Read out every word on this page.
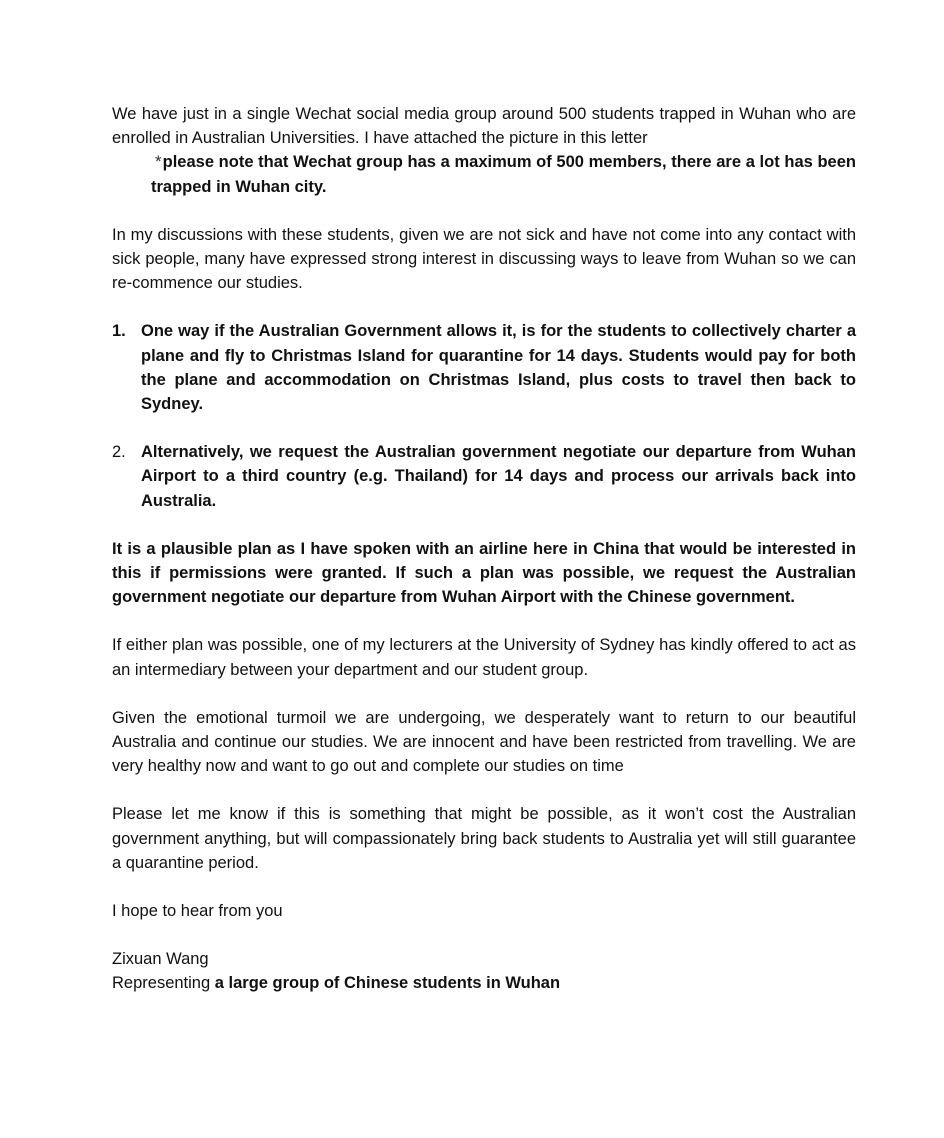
We have just in a single Wechat social media group around 500 students trapped in Wuhan who are enrolled in Australian Universities. I have attached the picture in this letter

*please note that Wechat group has a maximum of 500 members, there are a lot has been trapped in Wuhan city.

In my discussions with these students, given we are not sick and have not come into any contact with sick people, many have expressed strong interest in discussing ways to leave from Wuhan so we can re-commence our studies.

1. One way if the Australian Government allows it, is for the students to collectively charter a plane and fly to Christmas Island for quarantine for 14 days. Students would pay for both the plane and accommodation on Christmas Island, plus costs to travel then back to Sydney.
2. Alternatively, we request the Australian government negotiate our departure from Wuhan Airport to a third country (e.g. Thailand) for 14 days and process our arrivals back into Australia.

It is a plausible plan as I have spoken with an airline here in China that would be interested in this if permissions were granted. If such a plan was possible, we request the Australian government negotiate our departure from Wuhan Airport with the Chinese government.

If either plan was possible, one of my lecturers at the University of Sydney has kindly offered to act as an intermediary between your department and our student group.

Given the emotional turmoil we are undergoing, we desperately want to return to our beautiful Australia and continue our studies. We are innocent and have been restricted from travelling. We are very healthy now and want to go out and complete our studies on time

Please let me know if this is something that might be possible, as it won’t cost the Australian government anything, but will compassionately bring back students to Australia yet will still guarantee a quarantine period.

I hope to hear from you

Zixuan Wang

Representing a large group of Chinese students in Wuhan
